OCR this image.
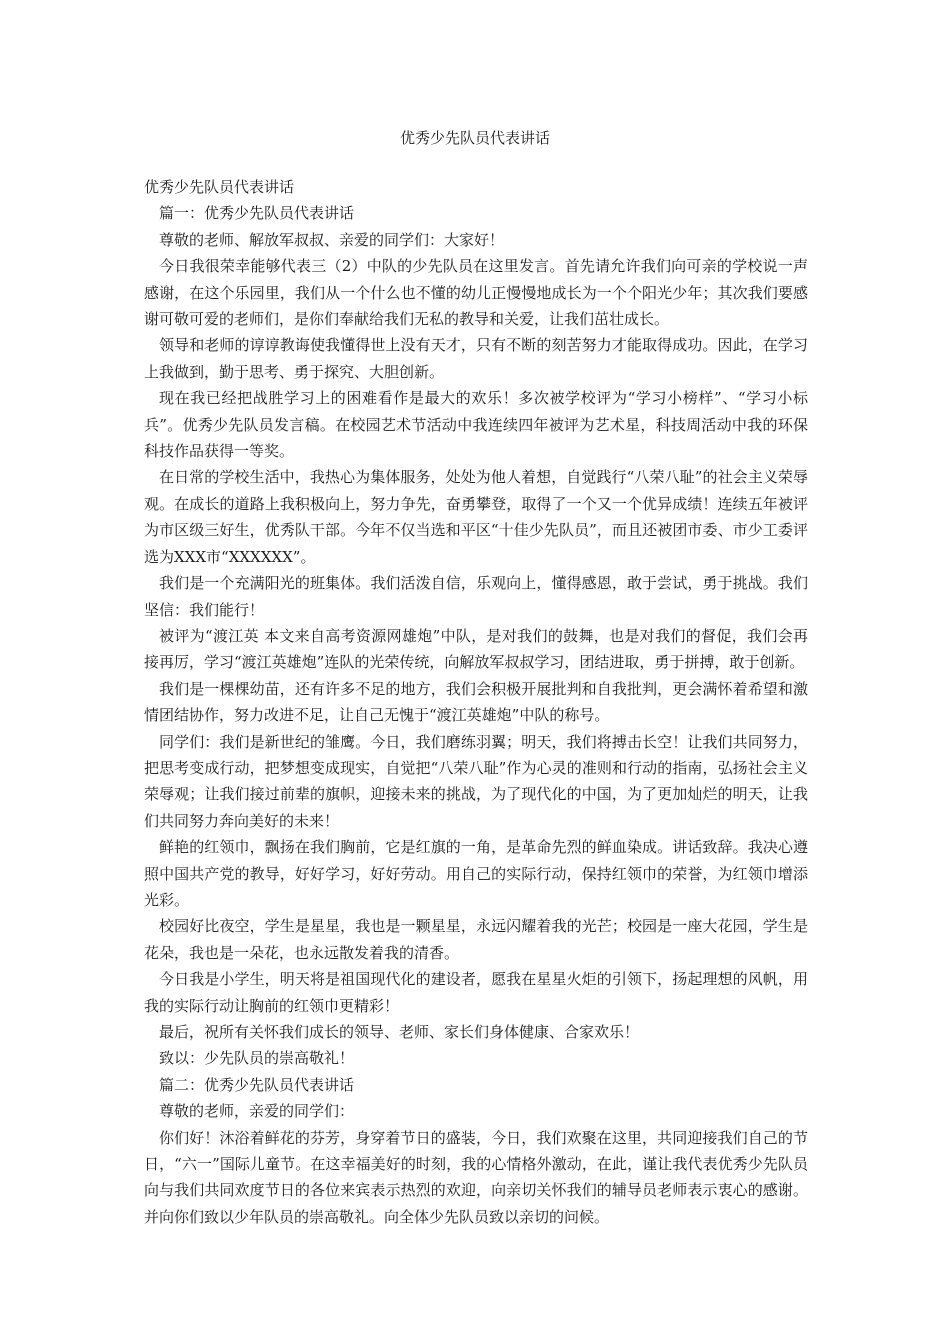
优秀少先队员代表讲话

优秀少先队员代表讲话

篇一：优秀少先队员代表讲话

尊敬的老师、解放军叔叔、亲爱的同学们：大家好！

今日我很荣幸能够代表三（2）中队的少先队员在这里发言。首先请允许我们向可亲的学校说一声感谢，在这个乐园里，我们从一个什么也不懂的幼儿正慢慢地成长为一个个阳光少年；其次我们要感谢可敬可爱的老师们，是你们奉献给我们无私的教导和关爱，让我们茁壮成长。

领导和老师的谆谆教诲使我懂得世上没有天才，只有不断的刻苦努力才能取得成功。因此，在学习上我做到，勤于思考、勇于探究、大胆创新。

现在我已经把战胜学习上的困难看作是最大的欢乐！多次被学校评为“学习小榜样”、“学习小标兵”。优秀少先队员发言稿。在校园艺术节活动中我连续四年被评为艺术星，科技周活动中我的环保科技作品获得一等奖。

在日常的学校生活中，我热心为集体服务，处处为他人着想，自觉践行“八荣八耻”的社会主义荣辱观。在成长的道路上我积极向上，努力争先，奋勇攀登，取得了一个又一个优异成绩！连续五年被评为市区级三好生，优秀队干部。今年不仅当选和平区“十佳少先队员”，而且还被团市委、市少工委评选为XXX市“XXXXXX”。

我们是一个充满阳光的班集体。我们活泼自信，乐观向上，懂得感恩，敢于尝试，勇于挑战。我们坚信：我们能行！

被评为“渡江英 本文来自高考资源网雄炮”中队，是对我们的鼓舞，也是对我们的督促，我们会再接再厉，学习“渡江英雄炮”连队的光荣传统，向解放军叔叔学习，团结进取，勇于拼搏，敢于创新。

我们是一棵棵幼苗，还有许多不足的地方，我们会积极开展批判和自我批判，更会满怀着希望和激情团结协作，努力改进不足，让自己无愧于“渡江英雄炮”中队的称号。

同学们：我们是新世纪的雏鹰。今日，我们磨练羽翼；明天，我们将搏击长空！让我们共同努力，把思考变成行动，把梦想变成现实，自觉把“八荣八耻”作为心灵的准则和行动的指南，弘扬社会主义荣辱观；让我们接过前辈的旗帜，迎接未来的挑战，为了现代化的中国，为了更加灿烂的明天，让我们共同努力奔向美好的未来！

鲜艳的红领巾，飘扬在我们胸前，它是红旗的一角，是革命先烈的鲜血染成。讲话致辞。我决心遵照中国共产党的教导，好好学习，好好劳动。用自己的实际行动，保持红领巾的荣誉，为红领巾增添光彩。

校园好比夜空，学生是星星，我也是一颗星星，永远闪耀着我的光芒；校园是一座大花园，学生是花朵，我也是一朵花，也永远散发着我的清香。

今日我是小学生，明天将是祖国现代化的建设者，愿我在星星火炬的引领下，扬起理想的风帆，用我的实际行动让胸前的红领巾更精彩！

最后，祝所有关怀我们成长的领导、老师、家长们身体健康、合家欢乐！

致以：少先队员的崇高敬礼！

篇二：优秀少先队员代表讲话

尊敬的老师，亲爱的同学们：

你们好！沐浴着鲜花的芬芳，身穿着节日的盛装，今日，我们欢聚在这里，共同迎接我们自己的节日，“六一”国际儿童节。在这幸福美好的时刻，我的心情格外激动，在此，谨让我代表优秀少先队员向与我们共同欢度节日的各位来宾表示热烈的欢迎，向亲切关怀我们的辅导员老师表示衷心的感谢。并向你们致以少年队员的崇高敬礼。向全体少先队员致以亲切的问候。
